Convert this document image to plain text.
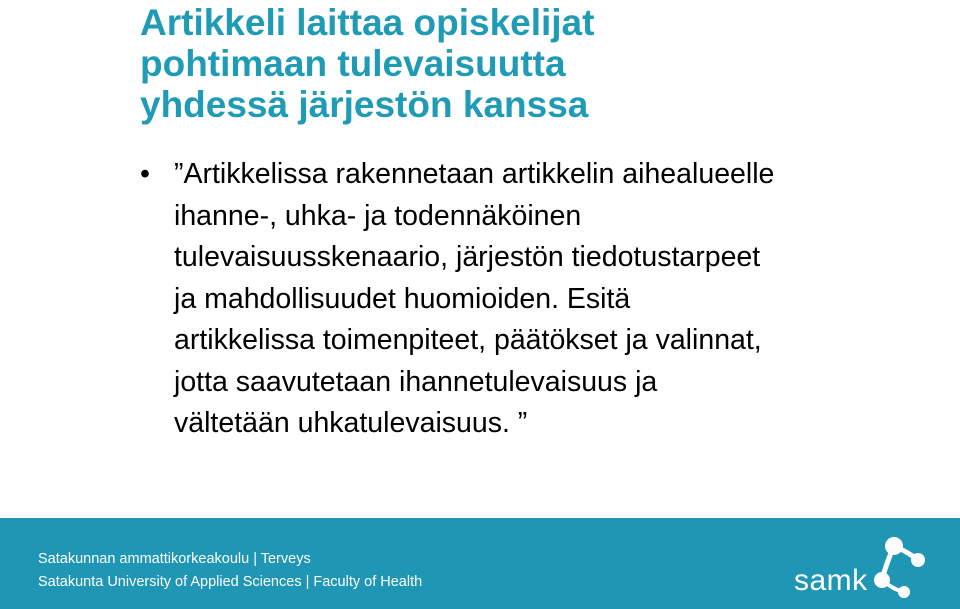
Artikkeli laittaa opiskelijat
pohtimaan tulevaisuutta
yhdessä järjestön kanssa
• ”Artikkelissa rakennetaan artikkelin aihealueelle
ihanne-, uhka- ja todennäköinen
tulevaisuusskenaario, järjestön tiedotustarpeet
ja mahdollisuudet huomioiden. Esitä
artikkelissa toimenpiteet, päätökset ja valinnat,
jotta saavutetaan ihannetulevaisuus ja
vältetään uhkatulevaisuus. ”
Satakunnan ammattikorkeakoulu | Terveys
Satakunta University of Applied Sciences | Faculty of Health	samk
